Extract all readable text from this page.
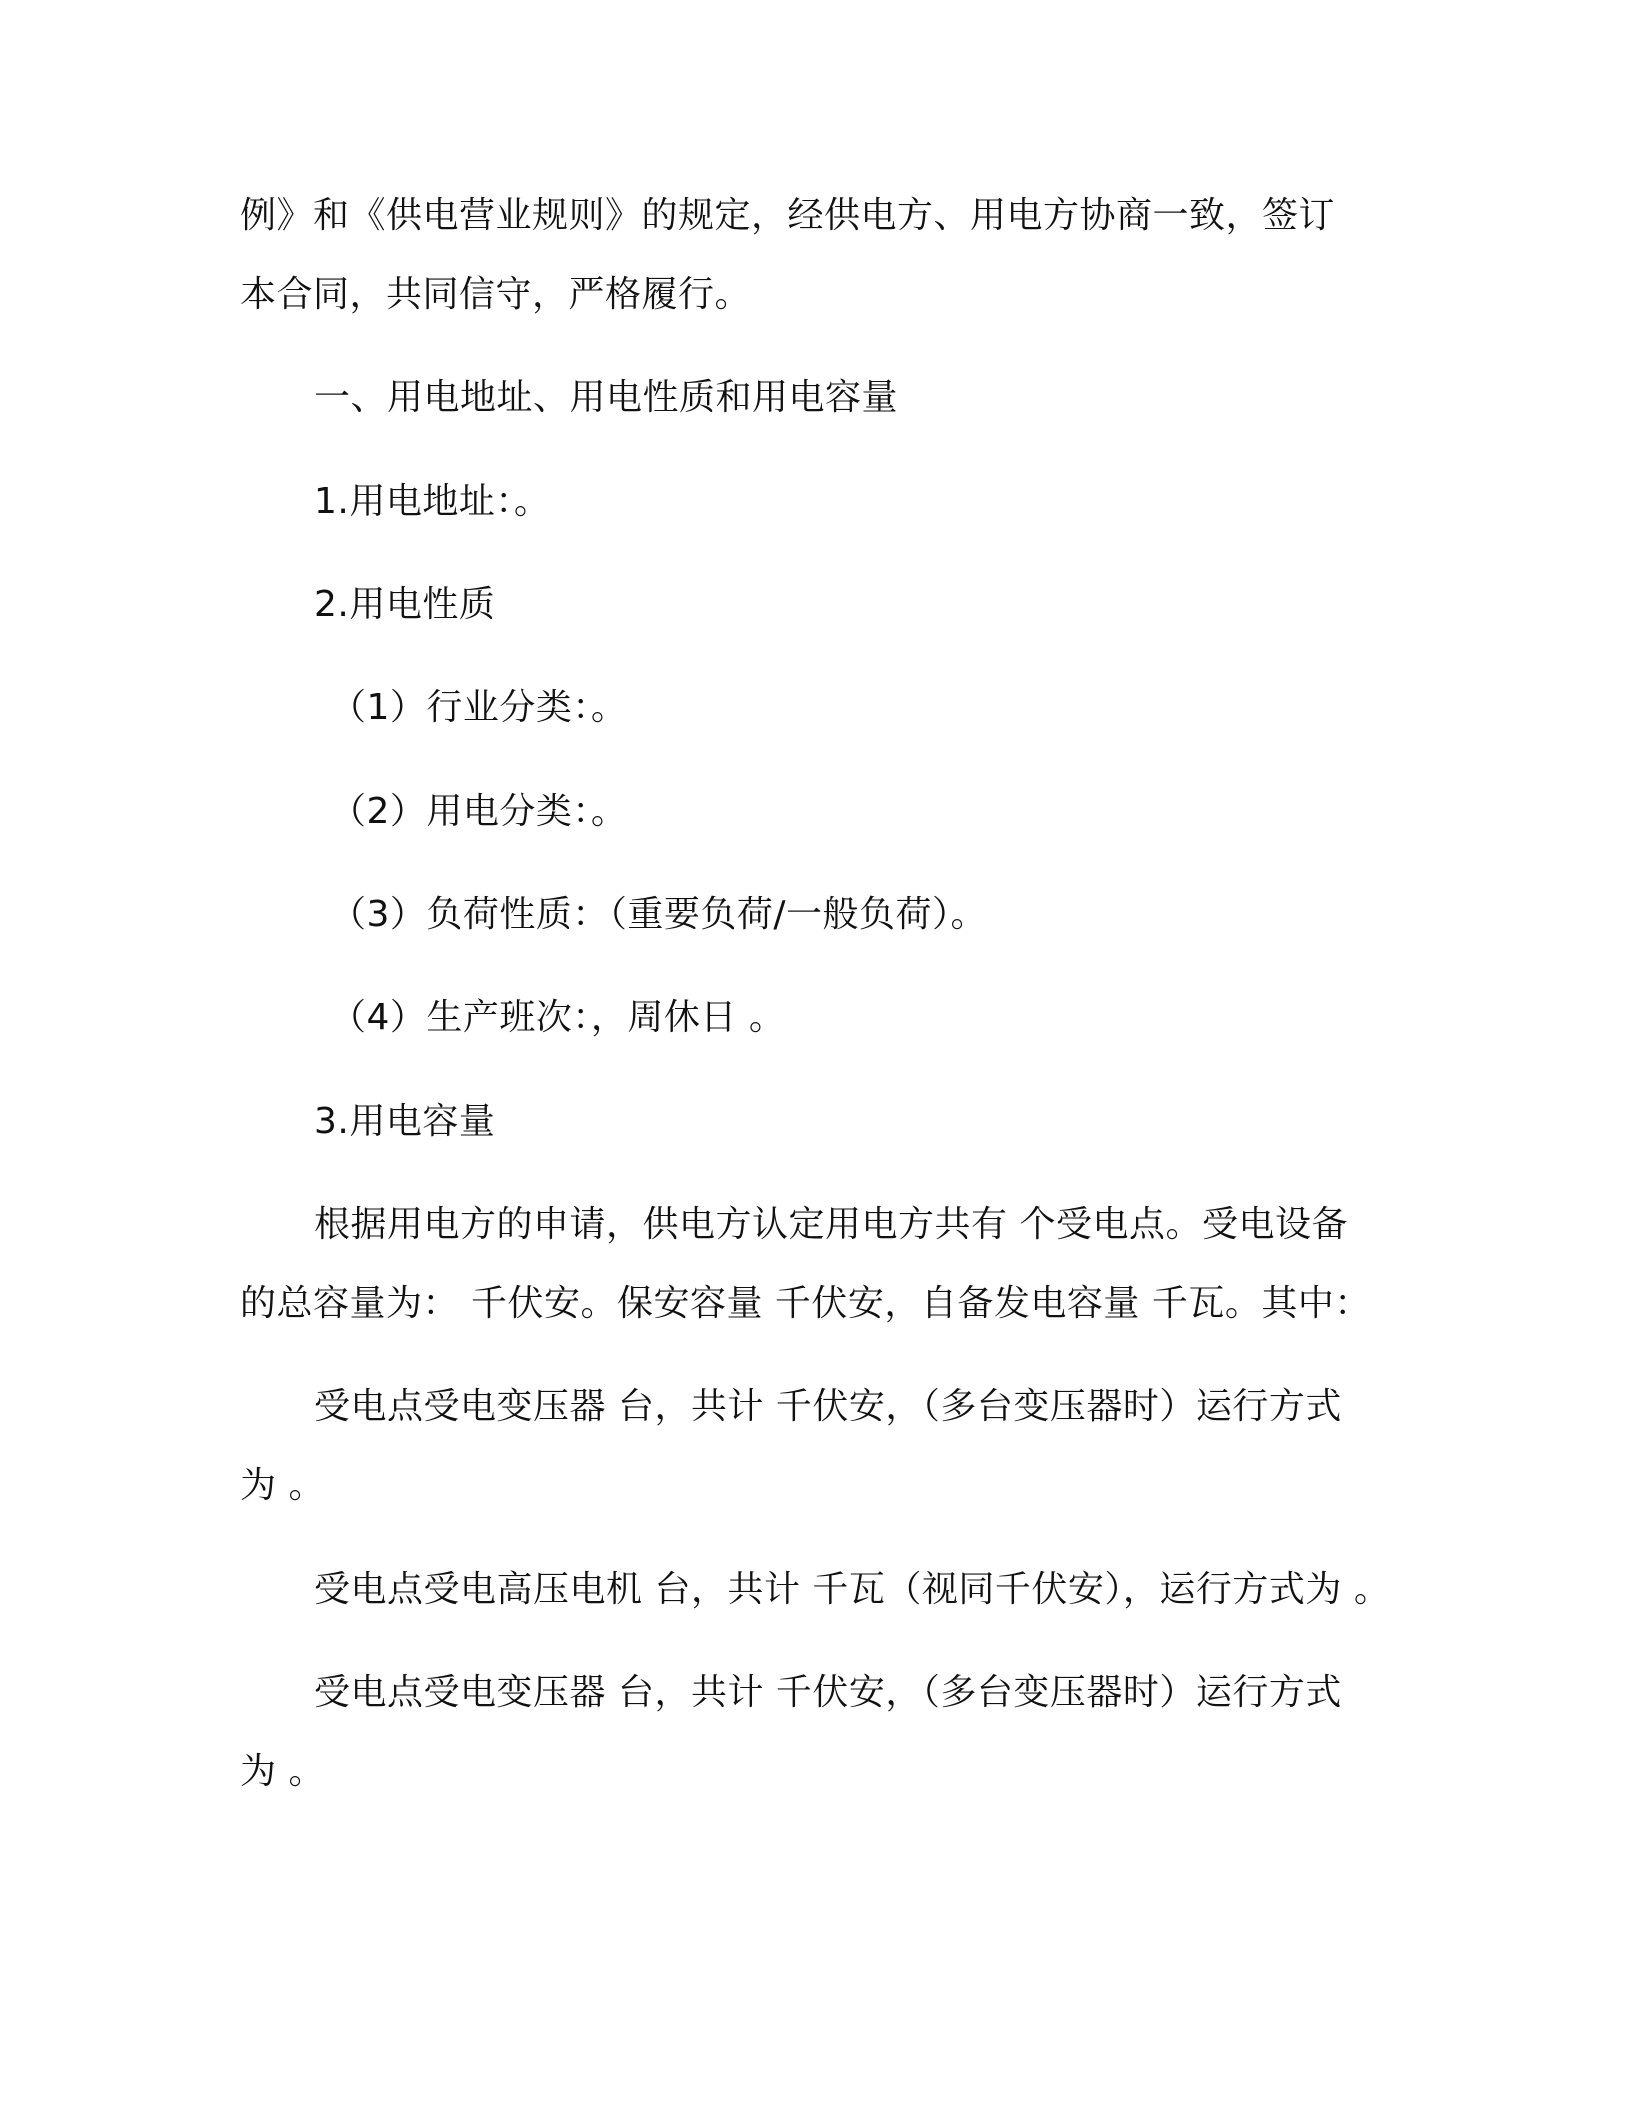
例》和《供电营业规则》的规定，经供电方、用电方协商一致，签订
本合同，共同信守，严格履行。
一、用电地址、用电性质和用电容量
1.用电地址：。
2.用电性质
（1）行业分类：。
（2）用电分类：。
（3）负荷性质：（重要负荷/一般负荷）。
（4）生产班次：，周休日 。
3.用电容量
根据用电方的申请，供电方认定用电方共有 个受电点。受电设备
的总容量为： 千伏安。保安容量 千伏安，自备发电容量 千瓦。其中：
受电点受电变压器 台，共计 千伏安，（多台变压器时）运行方式
为 。
受电点受电高压电机 台，共计 千瓦（视同千伏安），运行方式为 。
受电点受电变压器 台，共计 千伏安，（多台变压器时）运行方式
为 。
